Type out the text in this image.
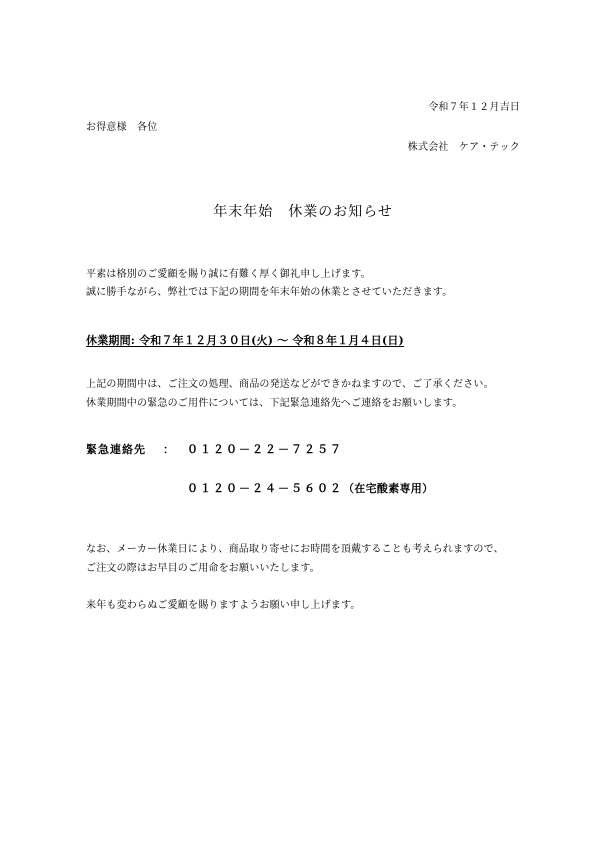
令和７年１２月吉日
お得意様　各位
株式会社　ケア・テック
年末年始　休業のお知らせ
平素は格別のご愛顧を賜り誠に有難く厚く御礼申し上げます。
誠に勝手ながら、弊社では下記の期間を年末年始の休業とさせていただきます。
休業期間: 令和７年１２月３０日(火) ～ 令和８年１月４日(日)
上記の期間中は、ご注文の処理、商品の発送などができかねますので、ご了承ください。
休業期間中の緊急のご用件については、下記緊急連絡先へご連絡をお願いします。
緊急連絡先 ： ０１２０－２２－７２５７
０１２０－２４－５６０２（在宅酸素専用）
なお、メーカー休業日により、商品取り寄せにお時間を頂戴することも考えられますので、
ご注文の際はお早目のご用命をお願いいたします。
来年も変わらぬご愛顧を賜りますようお願い申し上げます。
